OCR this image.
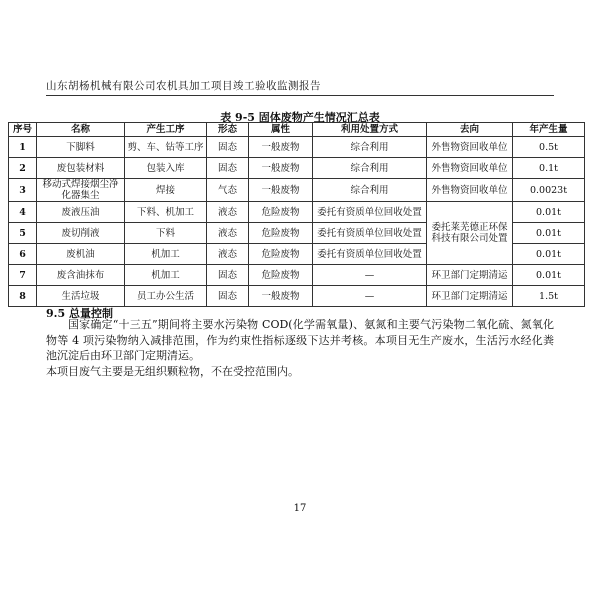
山东胡杨机械有限公司农机具加工项目竣工验收监测报告
表 9-5 固体废物产生情况汇总表
序号	名称	产生工序	形态	属性	利用处置方式	去向	年产生量
1	下脚料	剪、车、钻等工序	固态	一般废物	综合利用	外售物资回收单位	0.5t
2	废包装材料	包装入库	固态	一般废物	综合利用	外售物资回收单位	0.1t
3	移动式焊接烟尘净化器集尘	焊接	气态	一般废物	综合利用	外售物资回收单位	0.0023t
4	废液压油	下料、机加工	液态	危险废物	委托有资质单位回收处置	委托莱芜德正环保科技有限公司处置	0.01t
5	废切削液	下料	液态	危险废物	委托有资质单位回收处置		0.01t
6	废机油	机加工	液态	危险废物	委托有资质单位回收处置		0.01t
7	废含油抹布	机加工	固态	危险废物	—	环卫部门定期清运	0.01t
8	生活垃圾	员工办公生活	固态	一般废物	—	环卫部门定期清运	1.5t
9.5 总量控制

国家确定“十三五”期间将主要水污染物 COD(化学需氧量)、氨氮和主要气污染物二氧化硫、氮氧化物等 4 项污染物纳入减排范围，作为约束性指标逐级下达并考核。本项目无生产废水，生活污水经化粪池沉淀后由环卫部门定期清运。

本项目废气主要是无组织颗粒物，不在受控范围内。

17
